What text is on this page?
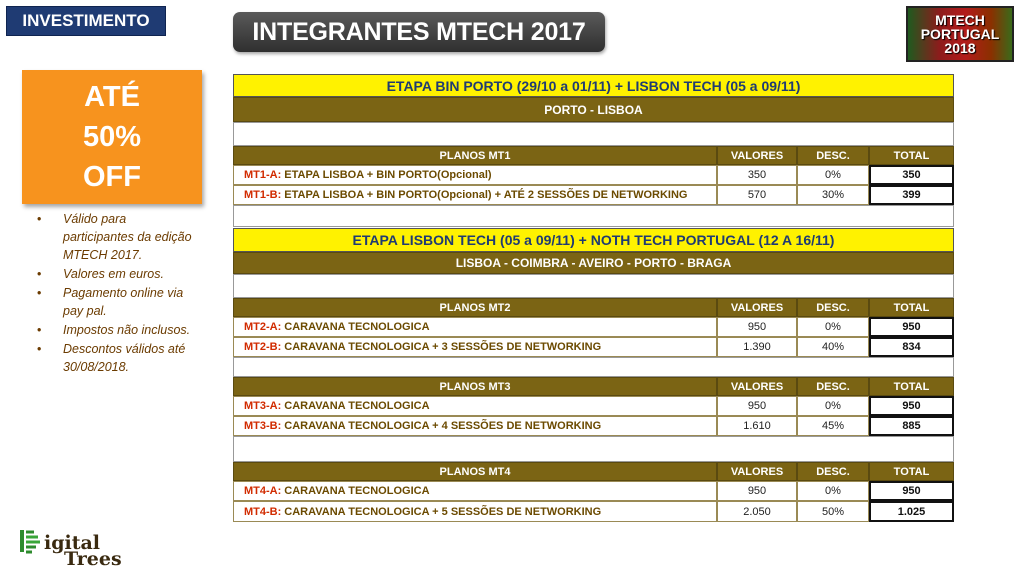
INVESTIMENTO	INTEGRANTES MTECH 2017	MTECH
PORTUGAL
2018
ATÉ
50%
OFF
• Válido para participantes da edição MTECH 2017.
• Valores em euros.
• Pagamento online via pay pal.
• Impostos não inclusos.
• Descontos válidos até 30/08/2018.
igital
Trees
ETAPA BIN PORTO (29/10 a 01/11) + LISBON TECH (05 a 09/11)
PORTO - LISBOA
PLANOS MT1	VALORES	DESC.	TOTAL
MT1-A: ETAPA LISBOA + BIN PORTO(Opcional)	350	0%	350
MT1-B: ETAPA LISBOA + BIN PORTO(Opcional) + ATÉ 2 SESSÕES DE NETWORKING	570	30%	399
ETAPA LISBON TECH (05 a 09/11) + NOTH TECH PORTUGAL (12 A 16/11)
LISBOA - COIMBRA - AVEIRO - PORTO - BRAGA
PLANOS MT2	VALORES	DESC.	TOTAL
MT2-A: CARAVANA TECNOLOGICA	950	0%	950
MT2-B: CARAVANA TECNOLOGICA + 3 SESSÕES DE NETWORKING	1.390	40%	834
PLANOS MT3	VALORES	DESC.	TOTAL
MT3-A: CARAVANA TECNOLOGICA	950	0%	950
MT3-B: CARAVANA TECNOLOGICA + 4 SESSÕES DE NETWORKING	1.610	45%	885
PLANOS MT4	VALORES	DESC.	TOTAL
MT4-A: CARAVANA TECNOLOGICA	950	0%	950
MT4-B: CARAVANA TECNOLOGICA + 5 SESSÕES DE NETWORKING	2.050	50%	1.025
